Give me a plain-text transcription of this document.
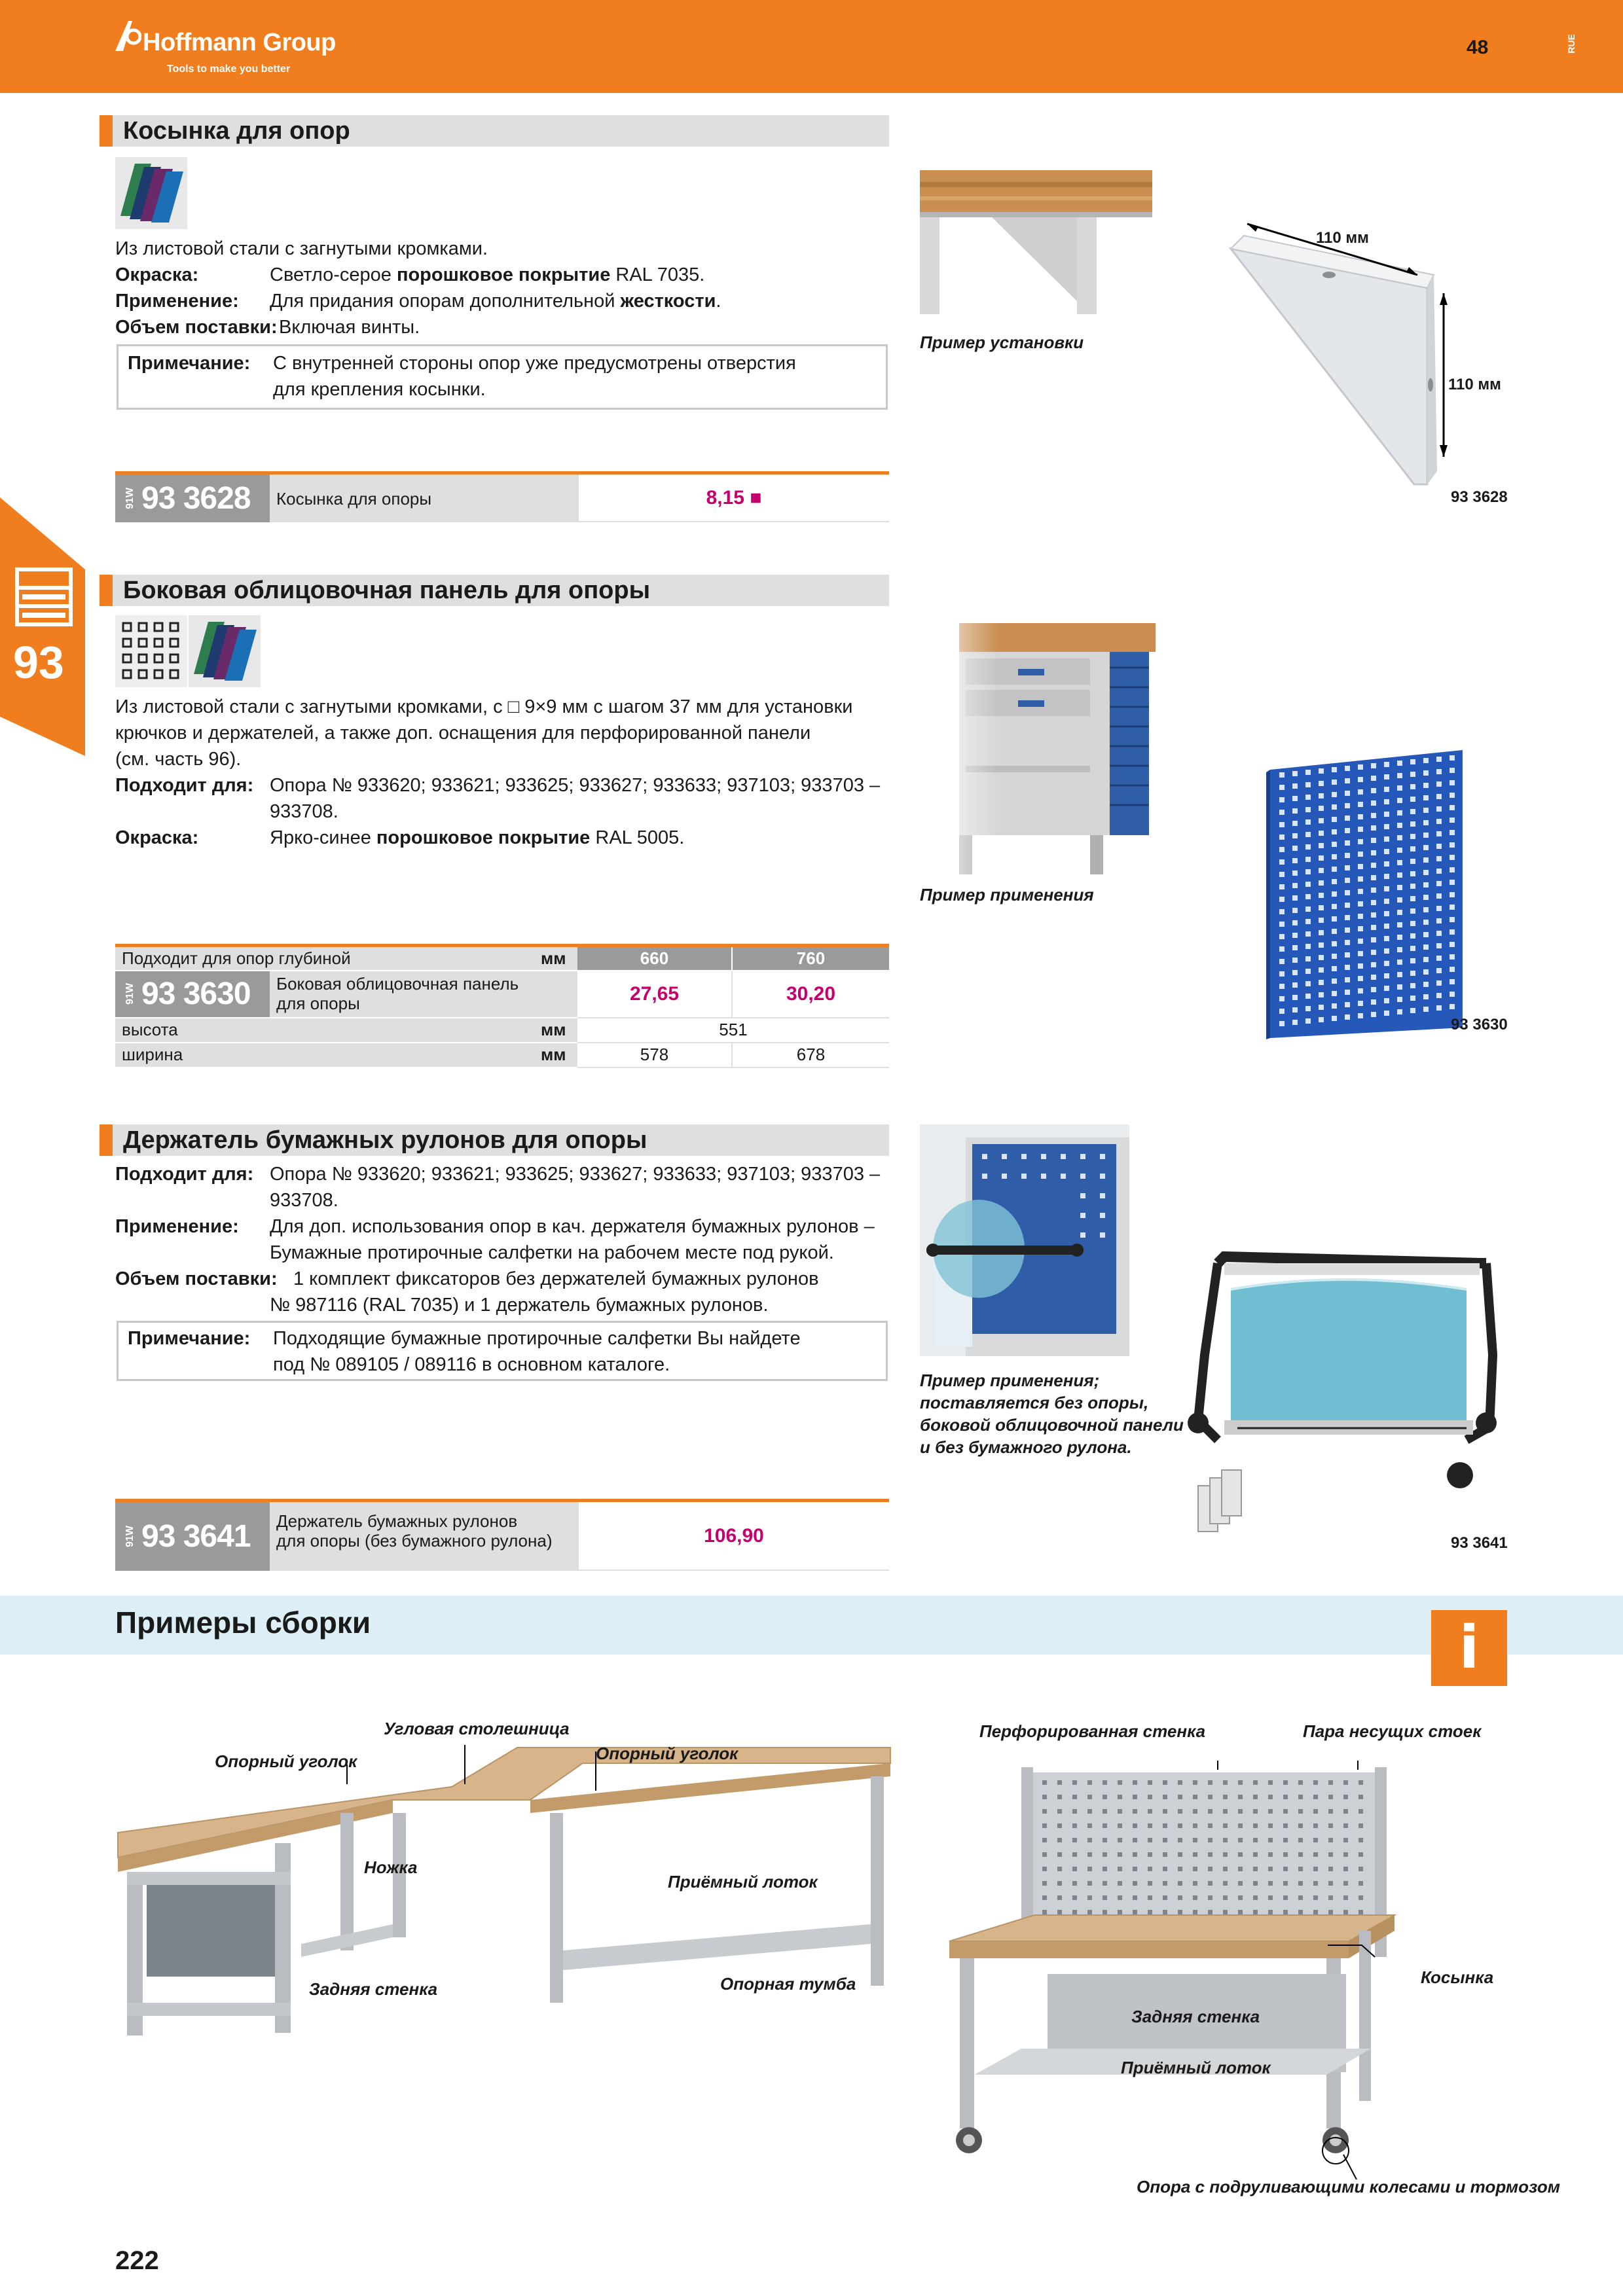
Hoffmann Group
Tools to make you better
48	RUE
93
Косынка для опор
Из листовой стали с загнутыми кромками.
Окраска:	Светло-серое порошковое покрытие RAL 7035.
Применение:	Для придания опорам дополнительной жесткости.
Объем поставки: Включая винты.
Примечание:	С внутренней стороны опор уже предусмотрены отверстия
для крепления косынки.
Пример установки
110 мм
110 мм
93 3628
91W 93 3628	Косынка для опоры	8,15 ■
Боковая облицовочная панель для опоры
Из листовой стали с загнутыми кромками, с □ 9×9 мм с шагом 37 мм для установки
крючков и держателей, а также доп. оснащения для перфорированной панели
(см. часть 96).
Подходит для: Опора № 933620; 933621; 933625; 933627; 933633; 937103; 933703 –
933708.
Окраска:	Ярко-синее порошковое покрытие RAL 5005.
Пример применения
93 3630
Подходит для опор глубиной	мм	660	760

91W 93 3630 Боковая облицовочная панель
для опоры		27,65	30,20
высота	мм	551	
ширина	мм	578	678
Держатель бумажных рулонов для опоры
Подходит для: Опора № 933620; 933621; 933625; 933627; 933633; 937103; 933703 –
933708.
Применение:	Для доп. использования опор в кач. держателя бумажных рулонов –
Бумажные протирочные салфетки на рабочем месте под рукой.
Объем поставки: 1 комплект фиксаторов без держателей бумажных рулонов
№ 987116 (RAL 7035) и 1 держатель бумажных рулонов.
Примечание:	Подходящие бумажные протирочные салфетки Вы найдете
под № 089105 / 089116 в основном каталоге.
Пример применения;
поставляется без опоры,
боковой облицовочной панели
и без бумажного рулона.
93 3641
91W 93 3641 Держатель бумажных рулонов
для опоры (без бумажного рулона)	106,90
Примеры сборки	i
Угловая столешница
Опорный уголок	Опорный уголок
Ножка
Приёмный лоток
Задняя стенка	Опорная тумба
Перфорированная стенка	Пара несущих стоек
Косынка
Задняя стенка
Приёмный лоток
Опора с подруливающими колесами и тормозом
222
